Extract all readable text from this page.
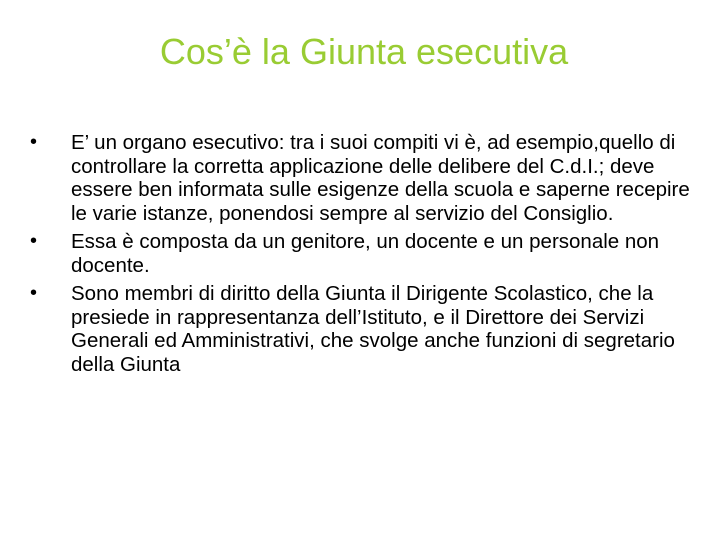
Cos’è la Giunta esecutiva
•	E’ un organo esecutivo: tra i suoi compiti vi è, ad esempio,quello di controllare la corretta applicazione delle delibere del C.d.I.; deve essere ben informata sulle esigenze della scuola e saperne recepire le varie istanze, ponendosi sempre al servizio del Consiglio.
•	Essa è composta da un genitore, un docente e un personale non docente.
•	Sono membri di diritto della Giunta il Dirigente Scolastico, che la presiede in rappresentanza dell’Istituto, e il Direttore dei Servizi Generali ed Amministrativi, che svolge anche funzioni di segretario della Giunta
